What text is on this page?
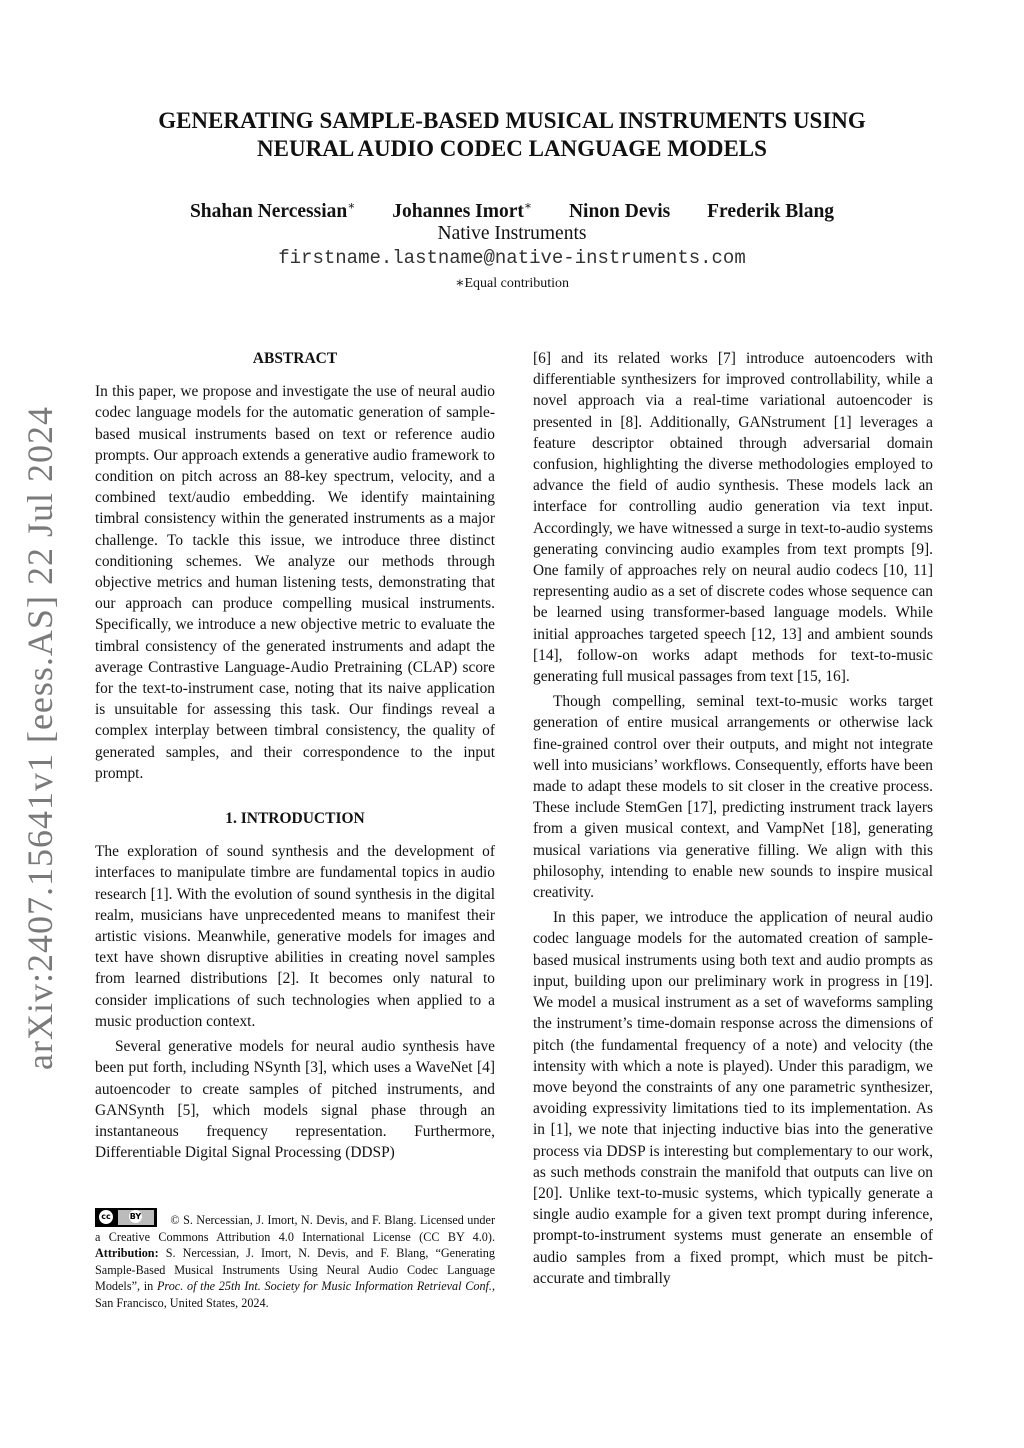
arXiv:2407.15641v1 [eess.AS] 22 Jul 2024
GENERATING SAMPLE-BASED MUSICAL INSTRUMENTS USING
NEURAL AUDIO CODEC LANGUAGE MODELS
Shahan Nercessian∗ Johannes Imort∗ Ninon Devis Frederik Blang
Native Instruments
firstname.lastname@native-instruments.com
∗Equal contribution
ABSTRACT

In this paper, we propose and investigate the use of neural audio codec language models for the automatic generation of sample-based musical instruments based on text or reference audio prompts. Our approach extends a generative audio framework to condition on pitch across an 88-key spectrum, velocity, and a combined text/audio embedding. We identify maintaining timbral consistency within the generated instruments as a major challenge. To tackle this issue, we introduce three distinct conditioning schemes. We analyze our methods through objective metrics and human listening tests, demonstrating that our approach can produce compelling musical instruments. Specifically, we introduce a new objective metric to evaluate the timbral consistency of the generated instruments and adapt the average Contrastive Language-Audio Pretraining (CLAP) score for the text-to-instrument case, noting that its naive application is unsuitable for assessing this task. Our findings reveal a complex interplay between timbral consistency, the quality of generated samples, and their correspondence to the input prompt.

1. INTRODUCTION

The exploration of sound synthesis and the development of interfaces to manipulate timbre are fundamental topics in audio research [1]. With the evolution of sound synthesis in the digital realm, musicians have unprecedented means to manifest their artistic visions. Meanwhile, generative models for images and text have shown disruptive abilities in creating novel samples from learned distributions [2]. It becomes only natural to consider implications of such technologies when applied to a music production context.

Several generative models for neural audio synthesis have been put forth, including NSynth [3], which uses a WaveNet [4] autoencoder to create samples of pitched instruments, and GANSynth [5], which models signal phase through an instantaneous frequency representation. Furthermore, Differentiable Digital Signal Processing (DDSP)

[6] and its related works [7] introduce autoencoders with differentiable synthesizers for improved controllability, while a novel approach via a real-time variational autoencoder is presented in [8]. Additionally, GANstrument [1] leverages a feature descriptor obtained through adversarial domain confusion, highlighting the diverse methodologies employed to advance the field of audio synthesis. These models lack an interface for controlling audio generation via text input. Accordingly, we have witnessed a surge in text-to-audio systems generating convincing audio examples from text prompts [9]. One family of approaches rely on neural audio codecs [10, 11] representing audio as a set of discrete codes whose sequence can be learned using transformer-based language models. While initial approaches targeted speech [12, 13] and ambient sounds [14], follow-on works adapt methods for text-to-music generating full musical passages from text [15, 16].

Though compelling, seminal text-to-music works target generation of entire musical arrangements or otherwise lack fine-grained control over their outputs, and might not integrate well into musicians’ workflows. Consequently, efforts have been made to adapt these models to sit closer in the creative process. These include StemGen [17], predicting instrument track layers from a given musical context, and VampNet [18], generating musical variations via generative filling. We align with this philosophy, intending to enable new sounds to inspire musical creativity.

In this paper, we introduce the application of neural audio codec language models for the automated creation of sample-based musical instruments using both text and audio prompts as input, building upon our preliminary work in progress in [19]. We model a musical instrument as a set of waveforms sampling the instrument’s time-domain response across the dimensions of pitch (the fundamental frequency of a note) and velocity (the intensity with which a note is played). Under this paradigm, we move beyond the constraints of any one parametric synthesizer, avoiding expressivity limitations tied to its implementation. As in [1], we note that injecting inductive bias into the generative process via DDSP is interesting but complementary to our work, as such methods constrain the manifold that outputs can live on [20]. Unlike text-to-music systems, which typically generate a single audio example for a given text prompt during inference, prompt-to-instrument systems must generate an ensemble of audio samples from a fixed prompt, which must be pitch-accurate and timbrally

cc BY © S. Nercessian, J. Imort, N. Devis, and F. Blang. Licensed under a Creative Commons Attribution 4.0 International License (CC BY 4.0). Attribution: S. Nercessian, J. Imort, N. Devis, and F. Blang, “Generating Sample-Based Musical Instruments Using Neural Audio Codec Language Models”, in Proc. of the 25th Int. Society for Music Information Retrieval Conf., San Francisco, United States, 2024.
